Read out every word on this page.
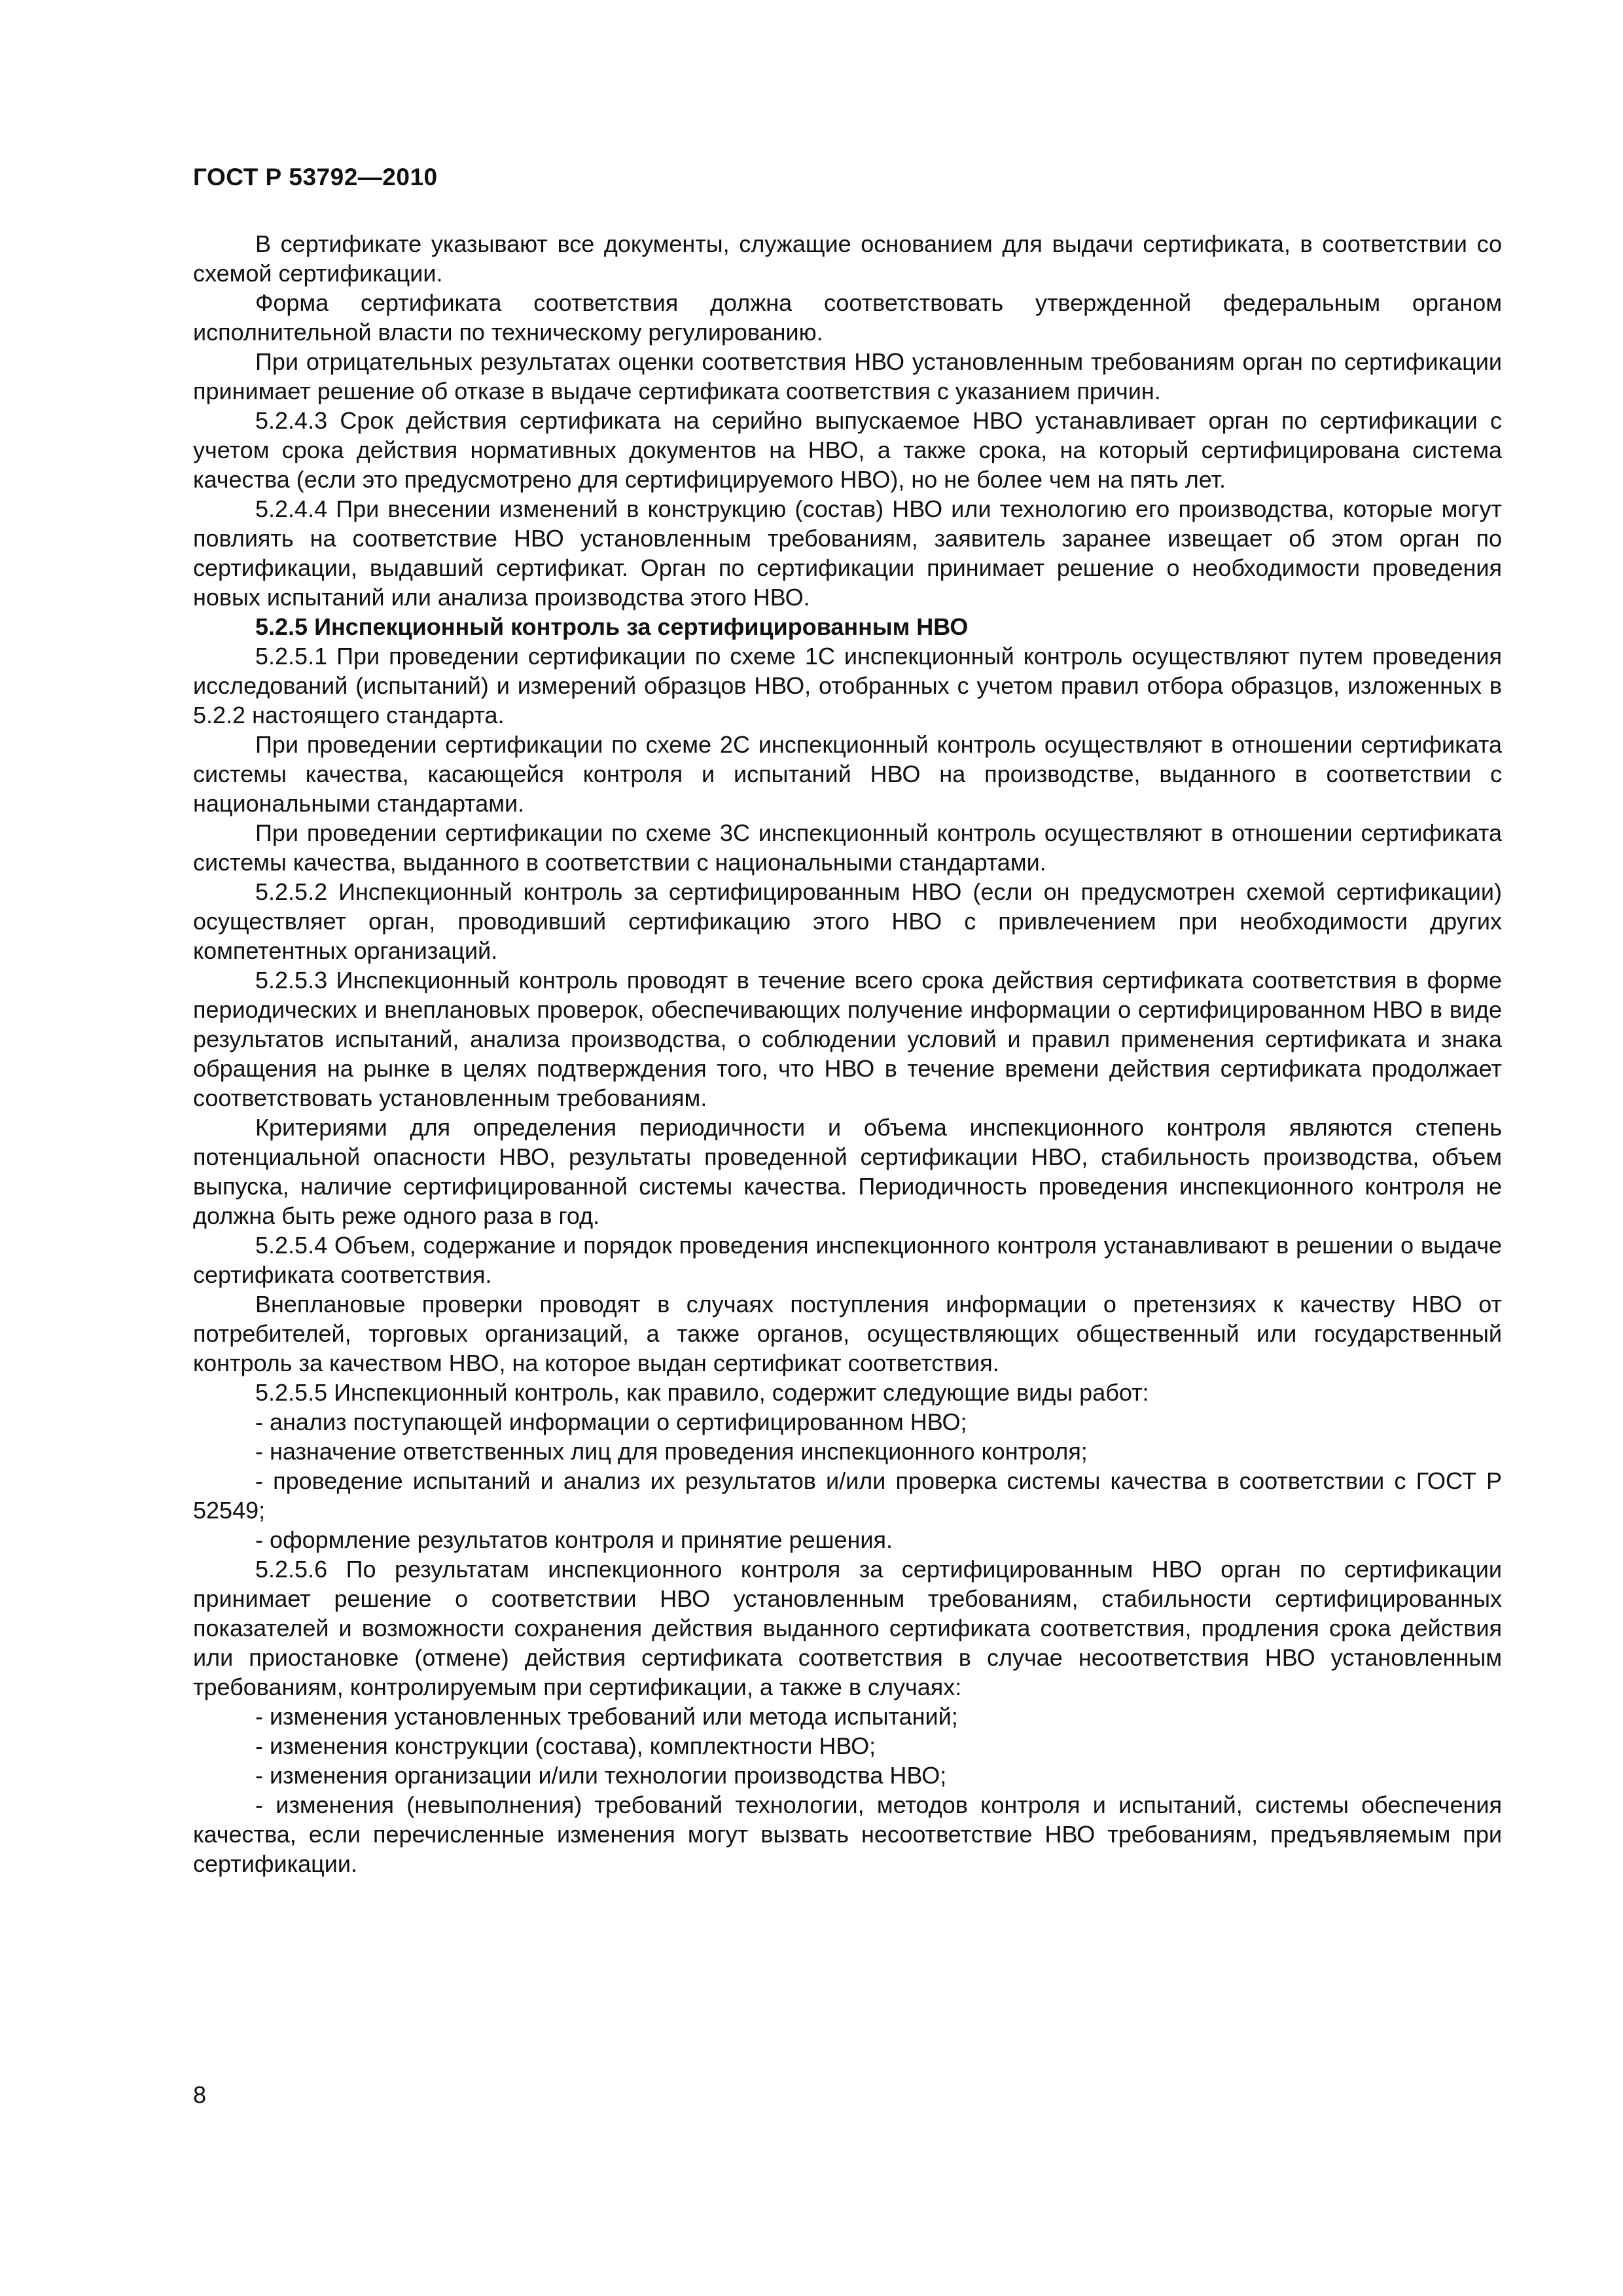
ГОСТ Р 53792—2010

В сертификате указывают все документы, служащие основанием для выдачи сертификата, в соответствии со схемой сертификации.

Форма сертификата соответствия должна соответствовать утвержденной федеральным органом исполнительной власти по техническому регулированию.

При отрицательных результатах оценки соответствия НВО установленным требованиям орган по сертификации принимает решение об отказе в выдаче сертификата соответствия с указанием причин.

5.2.4.3 Срок действия сертификата на серийно выпускаемое НВО устанавливает орган по сертификации с учетом срока действия нормативных документов на НВО, а также срока, на который сертифицирована система качества (если это предусмотрено для сертифицируемого НВО), но не более чем на пять лет.

5.2.4.4 При внесении изменений в конструкцию (состав) НВО или технологию его производства, которые могут повлиять на соответствие НВО установленным требованиям, заявитель заранее извещает об этом орган по сертификации, выдавший сертификат. Орган по сертификации принимает решение о необходимости проведения новых испытаний или анализа производства этого НВО.

5.2.5 Инспекционный контроль за сертифицированным НВО

5.2.5.1 При проведении сертификации по схеме 1С инспекционный контроль осуществляют путем проведения исследований (испытаний) и измерений образцов НВО, отобранных с учетом правил отбора образцов, изложенных в 5.2.2 настоящего стандарта.

При проведении сертификации по схеме 2С инспекционный контроль осуществляют в отношении сертификата системы качества, касающейся контроля и испытаний НВО на производстве, выданного в соответствии с национальными стандартами.

При проведении сертификации по схеме 3С инспекционный контроль осуществляют в отношении сертификата системы качества, выданного в соответствии с национальными стандартами.

5.2.5.2 Инспекционный контроль за сертифицированным НВО (если он предусмотрен схемой сертификации) осуществляет орган, проводивший сертификацию этого НВО с привлечением при необходимости других компетентных организаций.

5.2.5.3 Инспекционный контроль проводят в течение всего срока действия сертификата соответствия в форме периодических и внеплановых проверок, обеспечивающих получение информации о сертифицированном НВО в виде результатов испытаний, анализа производства, о соблюдении условий и правил применения сертификата и знака обращения на рынке в целях подтверждения того, что НВО в течение времени действия сертификата продолжает соответствовать установленным требованиям.

Критериями для определения периодичности и объема инспекционного контроля являются степень потенциальной опасности НВО, результаты проведенной сертификации НВО, стабильность производства, объем выпуска, наличие сертифицированной системы качества. Периодичность проведения инспекционного контроля не должна быть реже одного раза в год.

5.2.5.4 Объем, содержание и порядок проведения инспекционного контроля устанавливают в решении о выдаче сертификата соответствия.

Внеплановые проверки проводят в случаях поступления информации о претензиях к качеству НВО от потребителей, торговых организаций, а также органов, осуществляющих общественный или государственный контроль за качеством НВО, на которое выдан сертификат соответствия.

5.2.5.5 Инспекционный контроль, как правило, содержит следующие виды работ:

- анализ поступающей информации о сертифицированном НВО;

- назначение ответственных лиц для проведения инспекционного контроля;

- проведение испытаний и анализ их результатов и/или проверка системы качества в соответствии с ГОСТ Р 52549;

- оформление результатов контроля и принятие решения.

5.2.5.6 По результатам инспекционного контроля за сертифицированным НВО орган по сертификации принимает решение о соответствии НВО установленным требованиям, стабильности сертифицированных показателей и возможности сохранения действия выданного сертификата соответствия, продления срока действия или приостановке (отмене) действия сертификата соответствия в случае несоответствия НВО установленным требованиям, контролируемым при сертификации, а также в случаях:

- изменения установленных требований или метода испытаний;

- изменения конструкции (состава), комплектности НВО;

- изменения организации и/или технологии производства НВО;

- изменения (невыполнения) требований технологии, методов контроля и испытаний, системы обеспечения качества, если перечисленные изменения могут вызвать несоответствие НВО требованиям, предъявляемым при сертификации.

8
